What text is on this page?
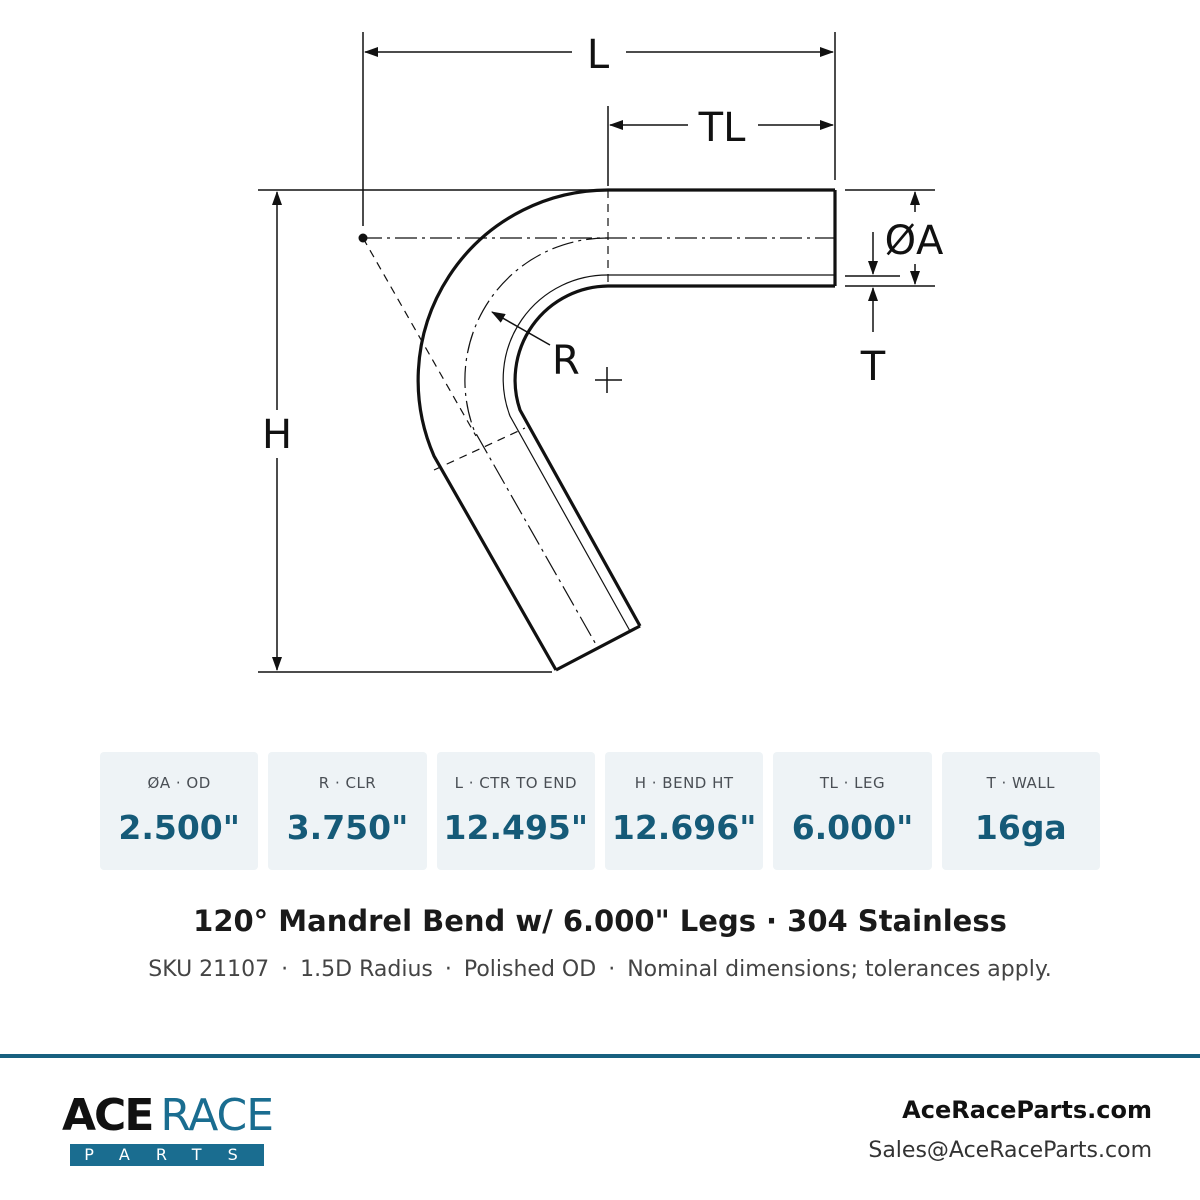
R
L
TL
H
ØA
T
ØA · OD
2.500"
R · CLR
3.750"
L · CTR TO END
12.495"
H · BEND HT
12.696"
TL · LEG
6.000"
T · WALL
16ga
120° Mandrel Bend w/ 6.000" Legs · 304 Stainless
SKU 21107 · 1.5D Radius · Polished OD · Nominal dimensions; tolerances apply.
ACE RACE
PARTS
AceRaceParts.com
Sales@AceRaceParts.com
